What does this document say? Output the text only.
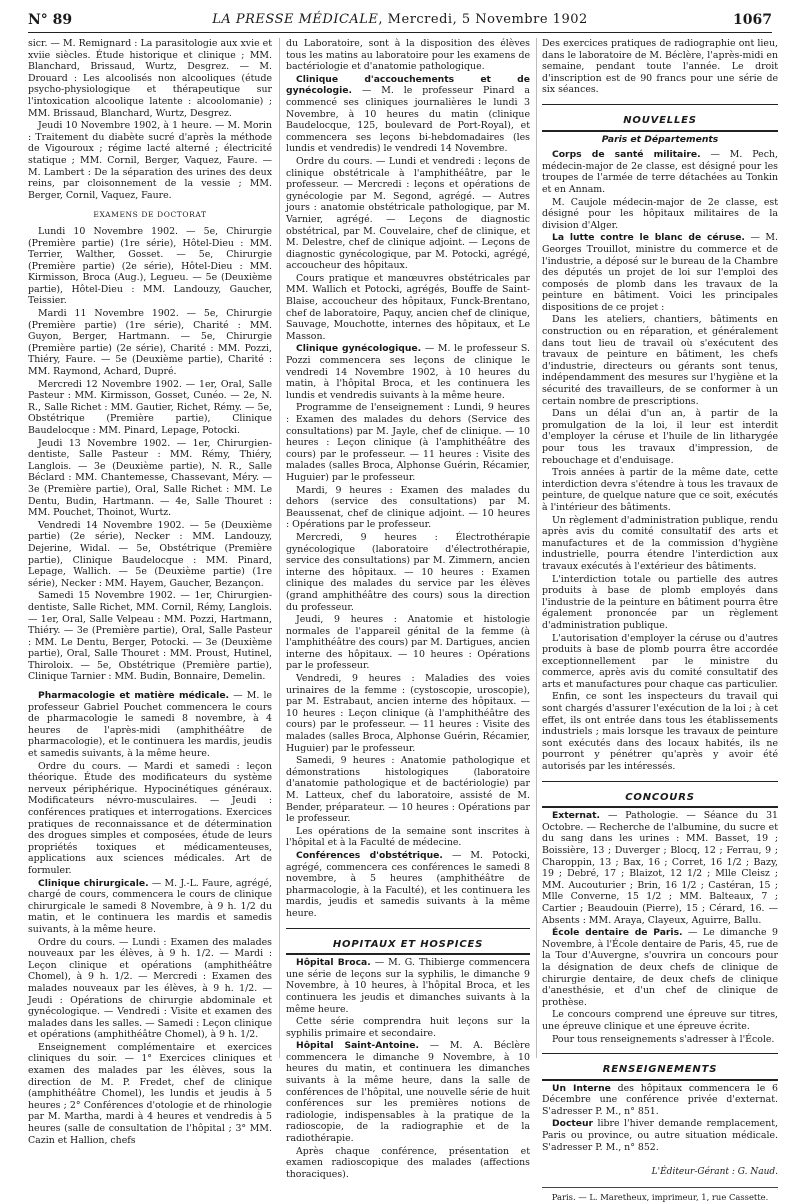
N° 89	LA PRESSE MÉDICALE, Mercredi, 5 Novembre 1902	1067

sicr. — M. Remignard : La parasitologie aux xvie et xviie siècles. Étude historique et clinique ; MM. Blanchard, Brissaud, Wurtz, Desgrez. — M. Drouard : Les alcoolisés non alcooliques (étude psycho-physiologique et thérapeutique sur l'intoxication alcoolique latente : alcoolomanie) ; MM. Brissaud, Blanchard, Wurtz, Desgrez.

Jeudi 10 Novembre 1902, à 1 heure. — M. Morin : Traitement du diabète sucré d'après la méthode de Vigouroux ; régime lacté alterné ; électricité statique ; MM. Cornil, Berger, Vaquez, Faure. — M. Lambert : De la séparation des urines des deux reins, par cloisonnement de la vessie ; MM. Berger, Cornil, Vaquez, Faure.

EXAMENS DE DOCTORAT

Lundi 10 Novembre 1902. — 5e, Chirurgie (Première partie) (1re série), Hôtel-Dieu : MM. Terrier, Walther, Gosset. — 5e, Chirurgie (Première partie) (2e série), Hôtel-Dieu : MM. Kirmisson, Broca (Aug.), Legueu. — 5e (Deuxième partie), Hôtel-Dieu : MM. Landouzy, Gaucher, Teissier.

Mardi 11 Novembre 1902. — 5e, Chirurgie (Première partie) (1re série), Charité : MM. Guyon, Berger, Hartmann. — 5e, Chirurgie (Première partie) (2e série), Charité : MM. Pozzi, Thiéry, Faure. — 5e (Deuxième partie), Charité : MM. Raymond, Achard, Dupré.

Mercredi 12 Novembre 1902. — 1er, Oral, Salle Pasteur : MM. Kirmisson, Gosset, Cunéo. — 2e, N. R., Salle Richet : MM. Gautier, Richet, Rémy. — 5e, Obstétrique (Première partie), Clinique Baudelocque : MM. Pinard, Lepage, Potocki.

Jeudi 13 Novembre 1902. — 1er, Chirurgien-dentiste, Salle Pasteur : MM. Rémy, Thiéry, Langlois. — 3e (Deuxième partie), N. R., Salle Béclard : MM. Chantemesse, Chassevant, Méry. — 3e (Première partie), Oral, Salle Richet : MM. Le Dentu, Budin, Hartmann. — 4e, Salle Thouret : MM. Pouchet, Thoinot, Wurtz.

Vendredi 14 Novembre 1902. — 5e (Deuxième partie) (2e série), Necker : MM. Landouzy, Dejerine, Widal. — 5e, Obstétrique (Première partie), Clinique Baudelocque : MM. Pinard, Lepage, Wallich. — 5e (Deuxième partie) (1re série), Necker : MM. Hayem, Gaucher, Bezançon.

Samedi 15 Novembre 1902. — 1er, Chirurgien-dentiste, Salle Richet, MM. Cornil, Rémy, Langlois. — 1er, Oral, Salle Velpeau : MM. Pozzi, Hartmann, Thiéry. — 3e (Première partie), Oral, Salle Pasteur : MM. Le Dentu, Berger, Potocki. — 3e (Deuxième partie), Oral, Salle Thouret : MM. Proust, Hutinel, Thiroloix. — 5e, Obstétrique (Première partie), Clinique Tarnier : MM. Budin, Bonnaire, Demelin.

Pharmacologie et matière médicale. — M. le professeur Gabriel Pouchet commencera le cours de pharmacologie le samedi 8 novembre, à 4 heures de l'après-midi (amphithéâtre de pharmacologie), et le continuera les mardis, jeudis et samedis suivants, à la même heure.

Ordre du cours. — Mardi et samedi : leçon théorique. Étude des modificateurs du système nerveux périphérique. Hypocinétiques généraux. Modificateurs névro-musculaires. — Jeudi : conférences pratiques et interrogations. Exercices pratiques de reconnaissance et de détermination des drogues simples et composées, étude de leurs propriétés toxiques et médicamenteuses, applications aux sciences médicales. Art de formuler.

Clinique chirurgicale. — M. J.-L. Faure, agrégé, chargé de cours, commencera le cours de clinique chirurgicale le samedi 8 Novembre, à 9 h. 1/2 du matin, et le continuera les mardis et samedis suivants, à la même heure.

Ordre du cours. — Lundi : Examen des malades nouveaux par les élèves, à 9 h. 1/2. — Mardi : Leçon clinique et opérations (amphithéâtre Chomel), à 9 h. 1/2. — Mercredi : Examen des malades nouveaux par les élèves, à 9 h. 1/2. — Jeudi : Opérations de chirurgie abdominale et gynécologique. — Vendredi : Visite et examen des malades dans les salles. — Samedi : Leçon clinique et opérations (amphithéâtre Chomel), à 9 h. 1/2.

Enseignement complémentaire et exercices cliniques du soir. — 1° Exercices cliniques et examen des malades par les élèves, sous la direction de M. P. Fredet, chef de clinique (amphithéâtre Chomel), les lundis et jeudis à 5 heures ; 2° Conférences d'otologie et de rhinologie par M. Martha, mardi à 4 heures et vendredis à 5 heures (salle de consultation de l'hôpital ; 3° MM. Cazin et Hallion, chefs

du Laboratoire, sont à la disposition des élèves tous les matins au laboratoire pour les examens de bactériologie et d'anatomie pathologique.

Clinique d'accouchements et de gynécologie. — M. le professeur Pinard a commencé ses cliniques journalières le lundi 3 Novembre, à 10 heures du matin (clinique Baudelocque, 125, boulevard de Port-Royal), et commencera ses leçons bi-hebdomadaires (les lundis et vendredis) le vendredi 14 Novembre.

Ordre du cours. — Lundi et vendredi : leçons de clinique obstétricale à l'amphithéâtre, par le professeur. — Mercredi : leçons et opérations de gynécologie par M. Segond, agrégé. — Autres jours : anatomie obstétricale pathologique, par M. Varnier, agrégé. — Leçons de diagnostic obstétrical, par M. Couvelaire, chef de clinique, et M. Delestre, chef de clinique adjoint. — Leçons de diagnostic gynécologique, par M. Potocki, agrégé, accoucheur des hôpitaux.

Cours pratique et manœuvres obstétricales par MM. Wallich et Potocki, agrégés, Bouffe de Saint-Blaise, accoucheur des hôpitaux, Funck-Brentano, chef de laboratoire, Paquy, ancien chef de clinique, Sauvage, Mouchotte, internes des hôpitaux, et Le Masson.

Clinique gynécologique. — M. le professeur S. Pozzi commencera ses leçons de clinique le vendredi 14 Novembre 1902, à 10 heures du matin, à l'hôpital Broca, et les continuera les lundis et vendredis suivants à la même heure.

Programme de l'enseignement : Lundi, 9 heures : Examen des malades du dehors (Service des consultations) par M. Jayle, chef de clinique. — 10 heures : Leçon clinique (à l'amphithéâtre des cours) par le professeur. — 11 heures : Visite des malades (salles Broca, Alphonse Guérin, Récamier, Huguier) par le professeur.

Mardi, 9 heures : Examen des malades du dehors (service des consultations) par M. Beaussenat, chef de clinique adjoint. — 10 heures : Opérations par le professeur.

Mercredi, 9 heures : Électrothérapie gynécologique (laboratoire d'électrothérapie, service des consultations) par M. Zimmern, ancien interne des hôpitaux. — 10 heures : Examen clinique des malades du service par les élèves (grand amphithéâtre des cours) sous la direction du professeur.

Jeudi, 9 heures : Anatomie et histologie normales de l'appareil génital de la femme (à l'amphithéâtre des cours) par M. Dartigues, ancien interne des hôpitaux. — 10 heures : Opérations par le professeur.

Vendredi, 9 heures : Maladies des voies urinaires de la femme : (cystoscopie, uroscopie), par M. Estrabaut, ancien interne des hôpitaux. — 10 heures : Leçon clinique (à l'amphithéâtre des cours) par le professeur. — 11 heures : Visite des malades (salles Broca, Alphonse Guérin, Récamier, Huguier) par le professeur.

Samedi, 9 heures : Anatomie pathologique et démonstrations histologiques (laboratoire d'anatomie pathologique et de bactériologie) par M. Latteux, chef du laboratoire, assisté de M. Bender, préparateur. — 10 heures : Opérations par le professeur.

Les opérations de la semaine sont inscrites à l'hôpital et à la Faculté de médecine.

Conférences d'obstétrique. — M. Potocki, agrégé, commencera ces conférences le samedi 8 novembre, à 5 heures (amphithéâtre de pharmacologie, à la Faculté), et les continuera les mardis, jeudis et samedis suivants à la même heure.

HOPITAUX ET HOSPICES

Hôpital Broca. — M. G. Thibierge commencera une série de leçons sur la syphilis, le dimanche 9 Novembre, à 10 heures, à l'hôpital Broca, et les continuera les jeudis et dimanches suivants à la même heure.

Cette série comprendra huit leçons sur la syphilis primaire et secondaire.

Hôpital Saint-Antoine. — M. A. Béclère commencera le dimanche 9 Novembre, à 10 heures du matin, et continuera les dimanches suivants à la même heure, dans la salle de conférences de l'hôpital, une nouvelle série de huit conférences sur les premières notions de radiologie, indispensables à la pratique de la radioscopie, de la radiographie et de la radiothérapie.

Après chaque conférence, présentation et examen radioscopique des malades (affections thoraciques).

Des exercices pratiques de radiographie ont lieu, dans le laboratoire de M. Béclère, l'après-midi en semaine, pendant toute l'année. Le droit d'inscription est de 90 francs pour une série de six séances.

NOUVELLES
Paris et Départements

Corps de santé militaire. — M. Pech, médecin-major de 2e classe, est désigné pour les troupes de l'armée de terre détachées au Tonkin et en Annam.

M. Caujole médecin-major de 2e classe, est désigné pour les hôpitaux militaires de la division d'Alger.

La lutte contre le blanc de céruse. — M. Georges Trouillot, ministre du commerce et de l'industrie, a déposé sur le bureau de la Chambre des députés un projet de loi sur l'emploi des composés de plomb dans les travaux de la peinture en bâtiment. Voici les principales dispositions de ce projet :

Dans les ateliers, chantiers, bâtiments en construction ou en réparation, et généralement dans tout lieu de travail où s'exécutent des travaux de peinture en bâtiment, les chefs d'industrie, directeurs ou gérants sont tenus, indépendamment des mesures sur l'hygiène et la sécurité des travailleurs, de se conformer à un certain nombre de prescriptions.

Dans un délai d'un an, à partir de la promulgation de la loi, il leur est interdit d'employer la céruse et l'huile de lin litharygée pour tous les travaux d'impression, de rebouchage et d'enduisage.

Trois années à partir de la même date, cette interdiction devra s'étendre à tous les travaux de peinture, de quelque nature que ce soit, exécutés à l'intérieur des bâtiments.

Un règlement d'administration publique, rendu après avis du comité consultatif des arts et manufactures et de la commission d'hygiène industrielle, pourra étendre l'interdiction aux travaux exécutés à l'extérieur des bâtiments.

L'interdiction totale ou partielle des autres produits à base de plomb employés dans l'industrie de la peinture en bâtiment pourra être également prononcée par un règlement d'administration publique.

L'autorisation d'employer la céruse ou d'autres produits à base de plomb pourra être accordée exceptionnellement par le ministre du commerce, après avis du comité consultatif des arts et manufactures pour chaque cas particulier.

Enfin, ce sont les inspecteurs du travail qui sont chargés d'assurer l'exécution de la loi ; à cet effet, ils ont entrée dans tous les établissements industriels ; mais lorsque les travaux de peinture sont exécutés dans des locaux habités, ils ne pourront y pénétrer qu'après y avoir été autorisés par les intéressés.

CONCOURS

Externat. — Pathologie. — Séance du 31 Octobre. — Recherche de l'albumine, du sucre et du sang dans les urines : MM. Basset, 19 ; Boissière, 13 ; Duverger ; Blocq, 12 ; Ferrau, 9 ; Charoppin, 13 ; Bax, 16 ; Corret, 16 1/2 ; Bazy, 19 ; Debré, 17 ; Blaizot, 12 1/2 ; Mlle Cleisz ; MM. Aucouturier ; Brin, 16 1/2 ; Castéran, 15 ; Mlle Converne, 15 1/2 ; MM. Balteaux, 7 ; Cartier ; Beaudouin (Pierre), 15 ; Cérard, 16. — Absents : MM. Araya, Clayeux, Aguirre, Ballu.

École dentaire de Paris. — Le dimanche 9 Novembre, à l'École dentaire de Paris, 45, rue de la Tour d'Auvergne, s'ouvrira un concours pour la désignation de deux chefs de clinique de chirurgie dentaire, de deux chefs de clinique d'anesthésie, et d'un chef de clinique de prothèse.

Le concours comprend une épreuve sur titres, une épreuve clinique et une épreuve écrite.

Pour tous renseignements s'adresser à l'École.

RENSEIGNEMENTS

Un Interne des hôpitaux commencera le 6 Décembre une conférence privée d'externat. S'adresser P. M., n° 851.

Docteur libre l'hiver demande remplacement, Paris ou province, ou autre situation médicale. S'adresser P. M., n° 852.

L'Éditeur-Gérant : G. Naud.
Paris. — L. Maretheux, imprimeur, 1, rue Cassette.
